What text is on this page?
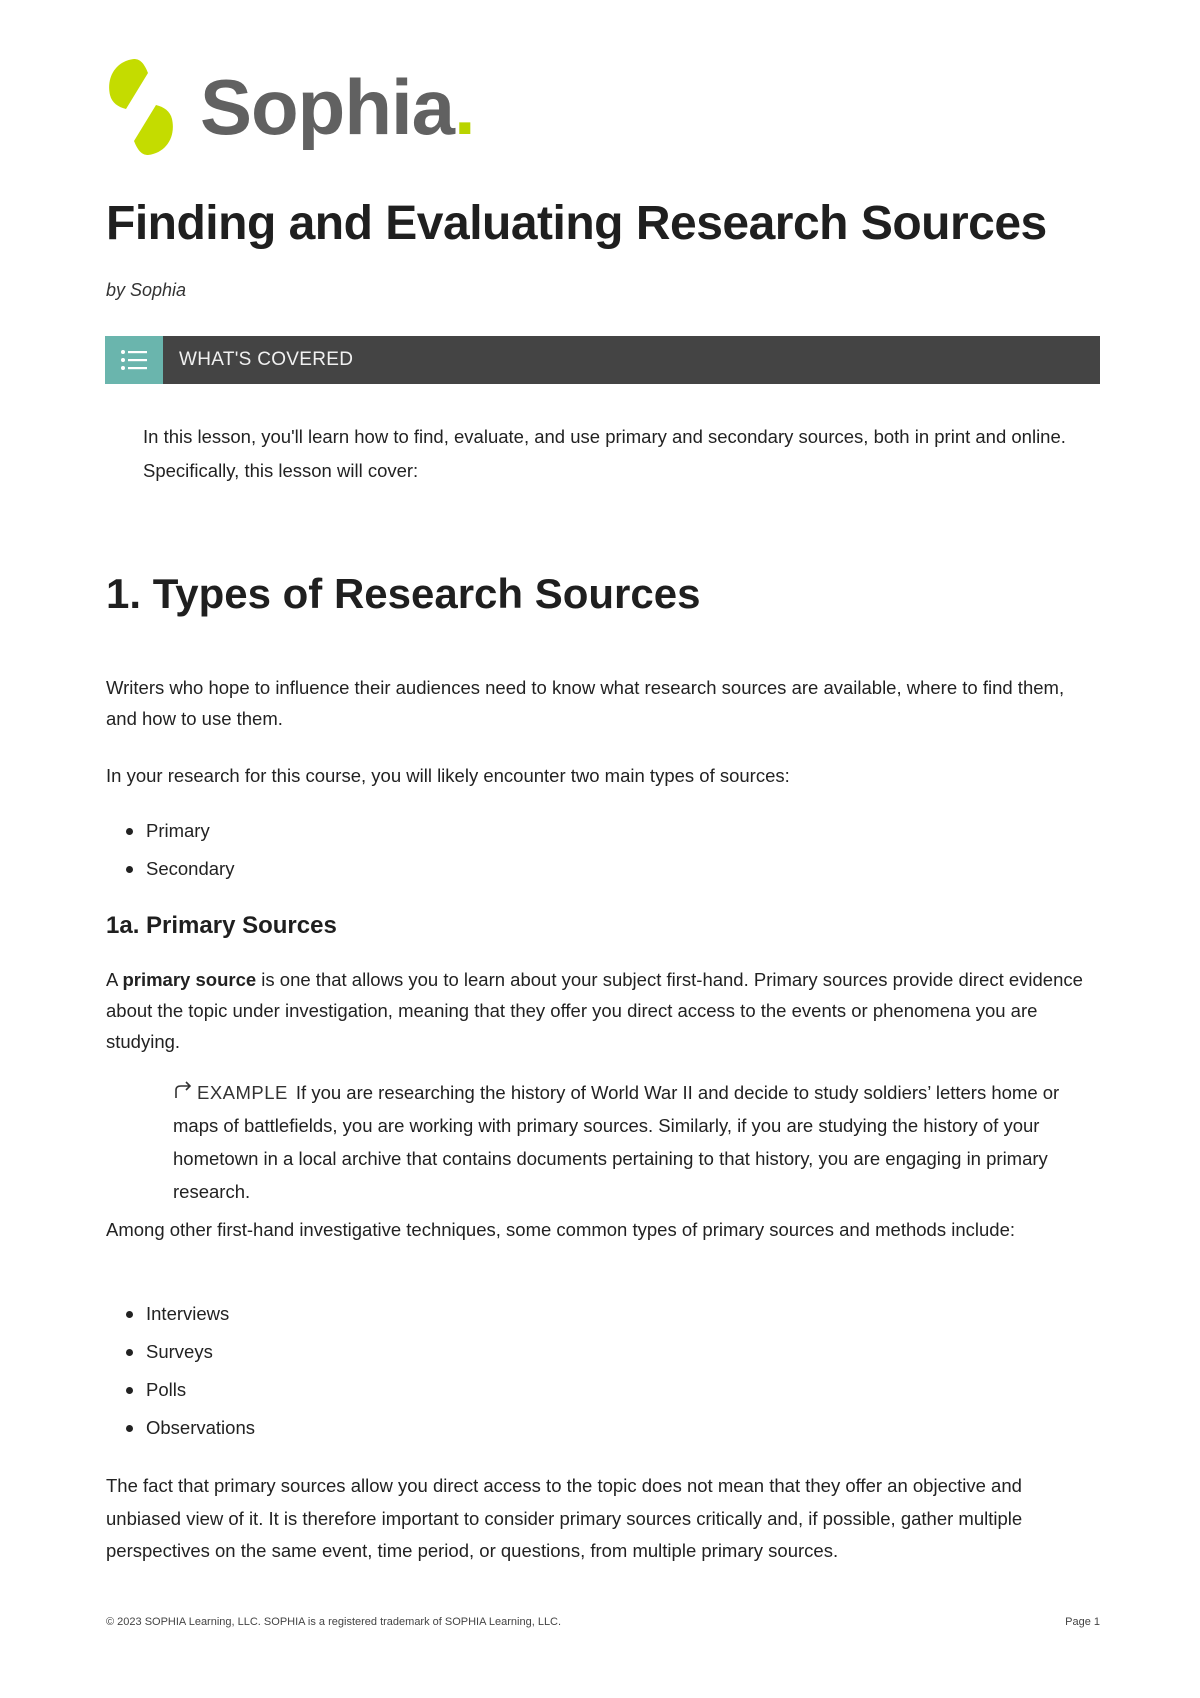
Sophia.
Finding and Evaluating Research Sources
by Sophia
WHAT'S COVERED

In this lesson, you'll learn how to find, evaluate, and use primary and secondary sources, both in print and online. Specifically, this lesson will cover:

1. Types of Research Sources

Writers who hope to influence their audiences need to know what research sources are available, where to find them, and how to use them.

In your research for this course, you will likely encounter two main types of sources:

Primary
Secondary
1a. Primary Sources

A primary source is one that allows you to learn about your subject first-hand. Primary sources provide direct evidence about the topic under investigation, meaning that they offer you direct access to the events or phenomena you are studying.

EXAMPLE If you are researching the history of World War II and decide to study soldiers’ letters home or maps of battlefields, you are working with primary sources. Similarly, if you are studying the history of your hometown in a local archive that contains documents pertaining to that history, you are engaging in primary research.

Among other first-hand investigative techniques, some common types of primary sources and methods include:

Interviews
Surveys
Polls
Observations

The fact that primary sources allow you direct access to the topic does not mean that they offer an objective and unbiased view of it. It is therefore important to consider primary sources critically and, if possible, gather multiple perspectives on the same event, time period, or questions, from multiple primary sources.

© 2023 SOPHIA Learning, LLC. SOPHIA is a registered trademark of SOPHIA Learning, LLC.	Page 1
